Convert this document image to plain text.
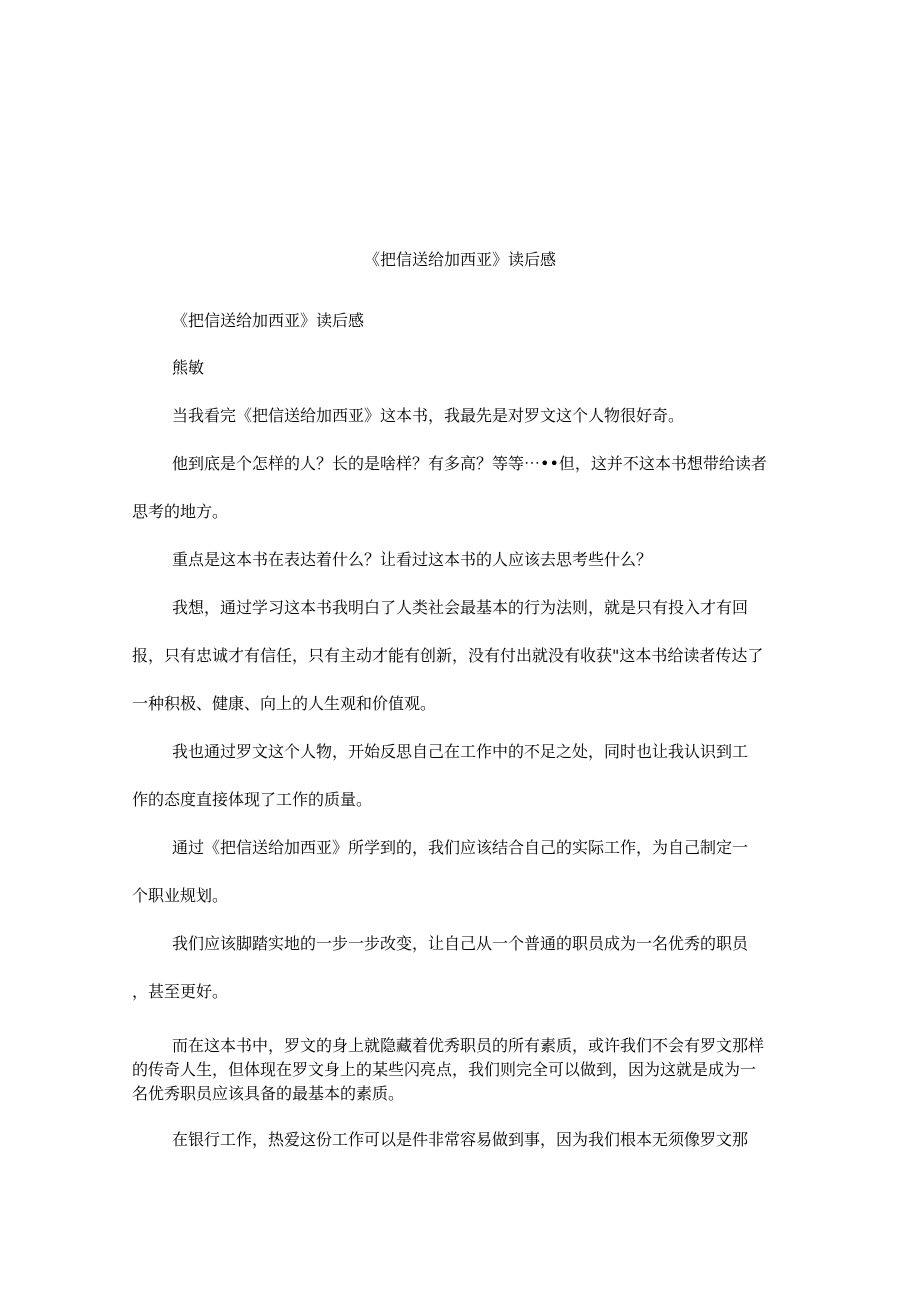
《把信送给加西亚》读后感
《把信送给加西亚》读后感
熊敏
当我看完《把信送给加西亚》这本书，我最先是对罗文这个人物很好奇。
他到底是个怎样的人？长的是啥样？有多高？等等⋯••但，这并不这本书想带给读者
思考的地方。
重点是这本书在表达着什么？让看过这本书的人应该去思考些什么？
我想，通过学习这本书我明白了人类社会最基本的行为法则，就是只有投入才有回
报，只有忠诚才有信任，只有主动才能有创新，没有付出就没有收获"这本书给读者传达了
一种积极、健康、向上的人生观和价值观。
我也通过罗文这个人物，开始反思自己在工作中的不足之处，同时也让我认识到工
作的态度直接体现了工作的质量。
通过《把信送给加西亚》所学到的，我们应该结合自己的实际工作，为自己制定一
个职业规划。
我们应该脚踏实地的一步一步改变，让自己从一个普通的职员成为一名优秀的职员
，甚至更好。
而在这本书中，罗文的身上就隐藏着优秀职员的所有素质，或许我们不会有罗文那样
的传奇人生，但体现在罗文身上的某些闪亮点，我们则完全可以做到，因为这就是成为一
名优秀职员应该具备的最基本的素质。
在银行工作，热爱这份工作可以是件非常容易做到事，因为我们根本无须像罗文那
